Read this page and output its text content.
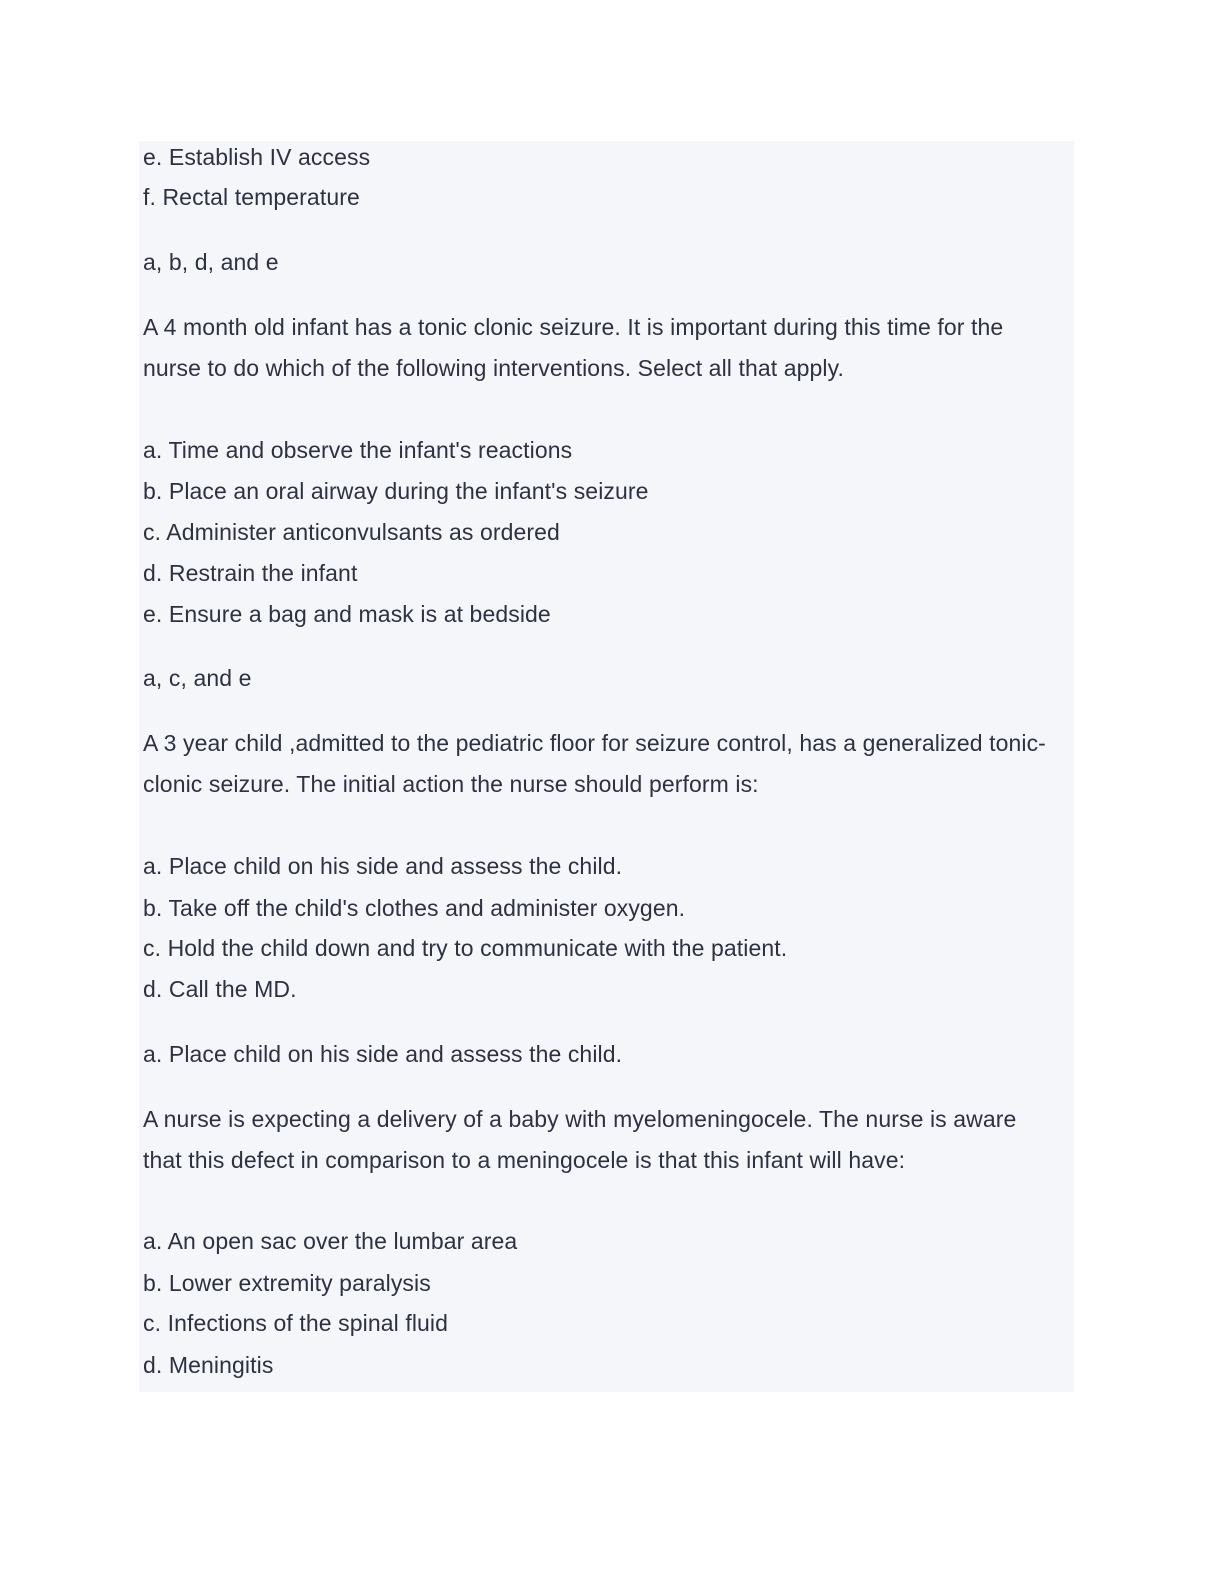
e. Establish IV access
f. Rectal temperature
a, b, d, and e
A 4 month old infant has a tonic clonic seizure. It is important during this time for the
nurse to do which of the following interventions. Select all that apply.
a. Time and observe the infant's reactions
b. Place an oral airway during the infant's seizure
c. Administer anticonvulsants as ordered
d. Restrain the infant
e. Ensure a bag and mask is at bedside
a, c, and e
A 3 year child ,admitted to the pediatric floor for seizure control, has a generalized tonic-
clonic seizure. The initial action the nurse should perform is:
a. Place child on his side and assess the child.
b. Take off the child's clothes and administer oxygen.
c. Hold the child down and try to communicate with the patient.
d. Call the MD.
a. Place child on his side and assess the child.
A nurse is expecting a delivery of a baby with myelomeningocele. The nurse is aware
that this defect in comparison to a meningocele is that this infant will have:
a. An open sac over the lumbar area
b. Lower extremity paralysis
c. Infections of the spinal fluid
d. Meningitis
